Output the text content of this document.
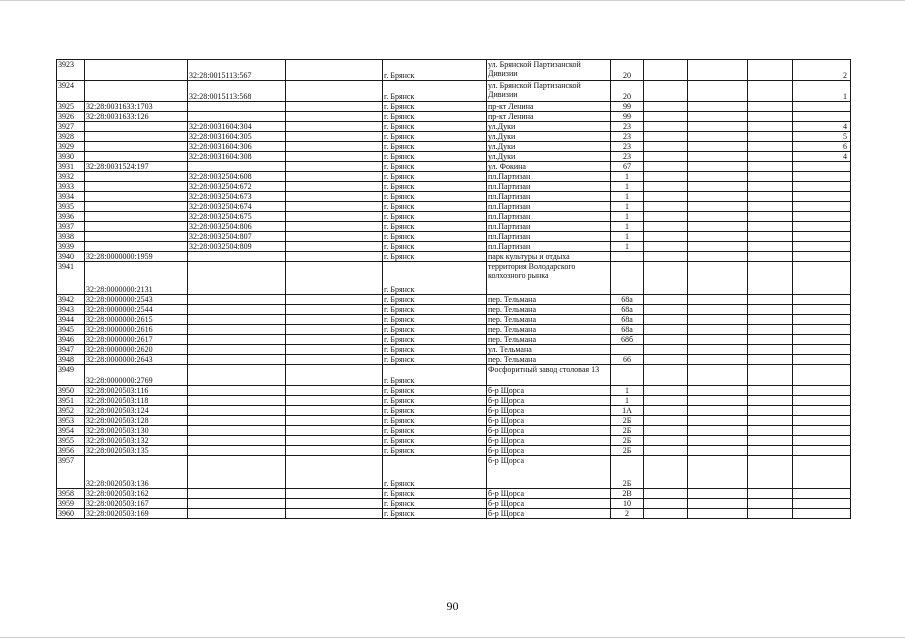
3923		32:28:0015113:567		г. Брянск	ул. Брянской Партизанской Дивизии	20				2
3924		32:28:0015113:568		г. Брянск	ул. Брянской Партизанской Дивизии	20				1
3925	32:28:0031633:1703			г. Брянск	пр-кт Ленина	99				
3926	32:28:0031633:126			г. Брянск	пр-кт Ленина	99				
3927		32:28:0031604:304		г. Брянск	ул.Дуки	23				4
3928		32:28:0031604:305		г. Брянск	ул.Дуки	23				5
3929		32:28:0031604:306		г. Брянск	ул.Дуки	23				6
3930		32:28:0031604:308		г. Брянск	ул.Дуки	23				4
3931	32:28:0031524:197			г. Брянск	ул. Фокина	67				
3932		32:28:0032504:608		г. Брянск	пл.Партизан	1				
3933		32:28:0032504:672		г. Брянск	пл.Партизан	1				
3934		32:28:0032504:673		г. Брянск	пл.Партизан	1				
3935		32:28:0032504:674		г. Брянск	пл.Партизан	1				
3936		32:28:0032504:675		г. Брянск	пл.Партизан	1				
3937		32:28:0032504:806		г. Брянск	пл.Партизан	1				
3938		32:28:0032504:807		г. Брянск	пл.Партизан	1				
3939		32:28:0032504:809		г. Брянск	пл.Партизан	1				
3940	32:28:0000000:1959			г. Брянск	парк культуры и отдыха					
3941	32:28:0000000:2131			г. Брянск	территория Володарского колхозного рынка					
3942	32:28:0000000:2543			г. Брянск	пер. Тельмана	68а				
3943	32:28:0000000:2544			г. Брянск	пер. Тельмана	68а				
3944	32:28:0000000:2615			г. Брянск	пер. Тельмана	68а				
3945	32:28:0000000:2616			г. Брянск	пер. Тельмана	68а				
3946	32:28:0000000:2617			г. Брянск	пер. Тельмана	68б				
3947	32:28:0000000:2620			г. Брянск	ул. Тельмана					
3948	32:28:0000000:2643			г. Брянск	пер. Тельмана	66				
3949	32:28:0000000:2769			г. Брянск	Фосфоритный завод столовая 13					
3950	32:28:0020503:116			г. Брянск	б-р Щорса	1				
3951	32:28:0020503:118			г. Брянск	б-р Щорса	1				
3952	32:28:0020503:124			г. Брянск	б-р Щорса	1А				
3953	32:28:0020503:128			г. Брянск	б-р Щорса	2Б				
3954	32:28:0020503:130			г. Брянск	б-р Щорса	2Б				
3955	32:28:0020503:132			г. Брянск	б-р Щорса	2Б				
3956	32:28:0020503:135			г. Брянск	б-р Щорса	2Б				
3957	32:28:0020503:136			г. Брянск	б-р Щорса	2Б				
3958	32:28:0020503:162			г. Брянск	б-р Щорса	2В				
3959	32:28:0020503:167			г. Брянск	б-р Щорса	10				
3960	32:28:0020503:169			г. Брянск	б-р Щорса	2				
90
